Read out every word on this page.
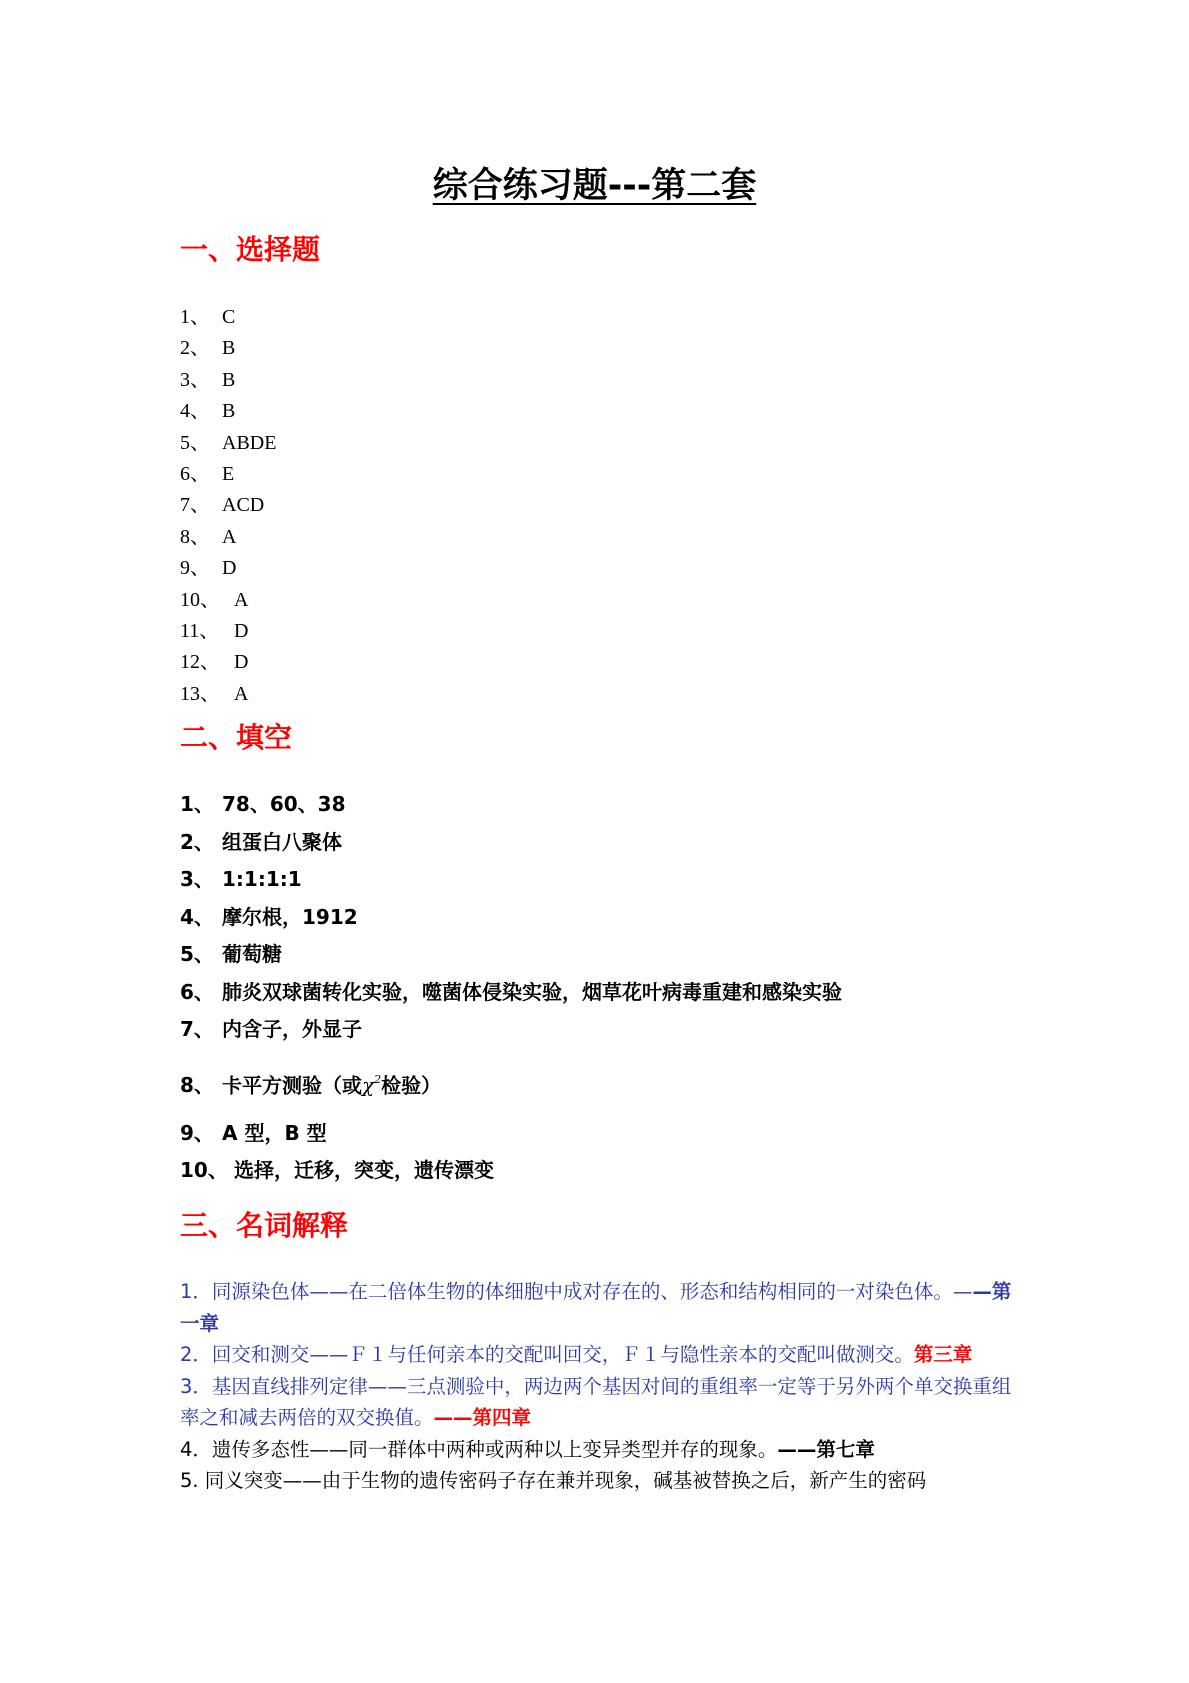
综合练习题---第二套
一、选择题
1、 C
2、 B
3、 B
4、 B
5、 ABDE
6、 E
7、 ACD
8、 A
9、 D
10、 A
11、 D
12、 D
13、 A
二、填空
1、 78、60、38
2、 组蛋白八聚体
3、 1:1:1:1
4、 摩尔根，1912
5、 葡萄糖
6、 肺炎双球菌转化实验，噬菌体侵染实验，烟草花叶病毒重建和感染实验
7、 内含子，外显子
8、 卡平方测验（或$\chi^2$检验）
9、 A 型，B 型
10、 选择，迁移，突变，遗传漂变
三、名词解释
1．同源染色体——在二倍体生物的体细胞中成对存在的、形态和结构相同的一对染色体。——第一章
2．回交和测交——Ｆ１与任何亲本的交配叫回交，Ｆ１与隐性亲本的交配叫做测交。第三章
3．基因直线排列定律——三点测验中，两边两个基因对间的重组率一定等于另外两个单交换重组率之和减去两倍的双交换值。——第四章
4．遗传多态性——同一群体中两种或两种以上变异类型并存的现象。——第七章
5. 同义突变——由于生物的遗传密码子存在兼并现象，碱基被替换之后，新产生的密码
